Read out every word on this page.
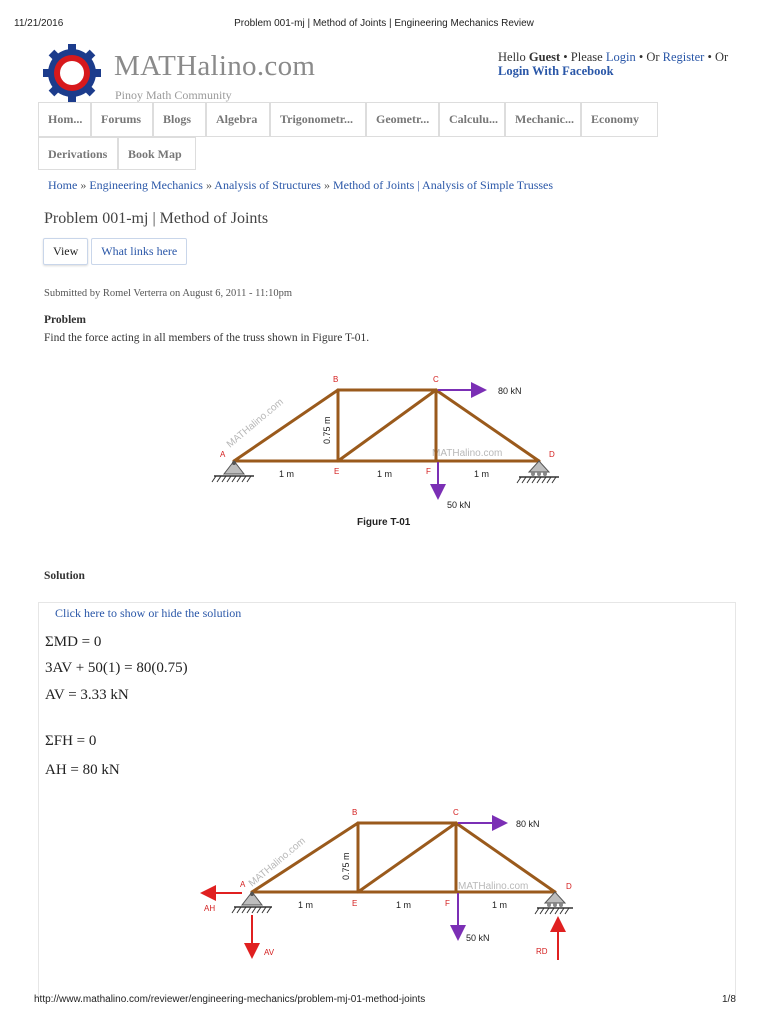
11/21/2016	Problem 001-mj | Method of Joints | Engineering Mechanics Review
MATHalino.com
Pinoy Math Community
Hello Guest • Please Login • Or Register • Or
Login With Facebook
Hom...	Forums	Blogs	Algebra	Trigonometr...	Geometr...	Calculu...	Mechanic...	Economy
Derivations	Book Map
Home » Engineering Mechanics » Analysis of Structures » Method of Joints | Analysis of Simple Trusses
Problem 001-mj | Method of Joints
View	What links here
Submitted by Romel Verterra on August 6, 2011 - 11:10pm
Problem
Find the force acting in all members of the truss shown in Figure T-01.
MATHalino.com
MATHalino.com
80 kN
50 kN
A
B	C
D
E	F
1 m	1 m	1 m
0.75 m
Figure T-01
Solution
Click here to show or hide the solution
ΣMD = 0
3AV + 50(1) = 80(0.75)
AV = 3.33 kN
ΣFH = 0
AH = 80 kN
MATHalino.com	MATHalino.com
80 kN
50 kN
AH
AV	RD
A
B	C
D
E	F
1 m	1 m	1 m
0.75 m
http://www.mathalino.com/reviewer/engineering-mechanics/problem-mj-01-method-joints	1/8
